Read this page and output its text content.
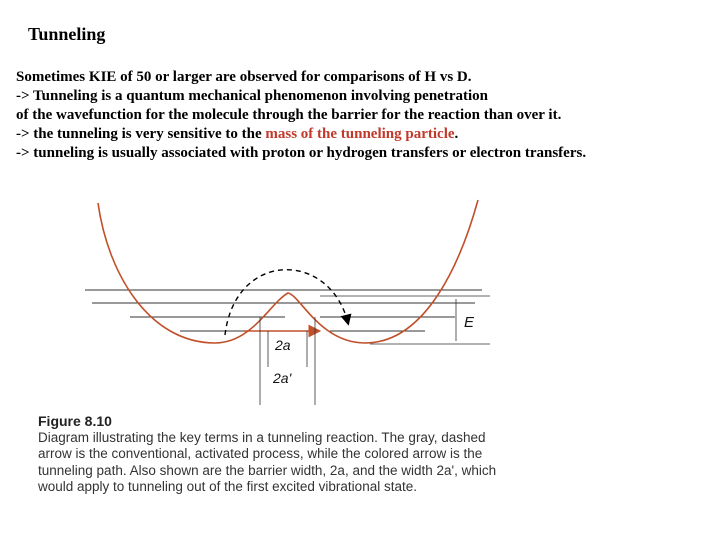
Tunneling
Sometimes KIE of 50 or larger are observed for comparisons of H vs D.
-> Tunneling is a quantum mechanical phenomenon involving penetration
of the wavefunction for the molecule through the barrier for the reaction than over it.
-> the tunneling is very sensitive to the mass of the tunneling particle.
-> tunneling is usually associated with proton or hydrogen transfers or electron transfers.
2a
2a'
E
Figure 8.10
Diagram illustrating the key terms in a tunneling reaction. The gray, dashed arrow is the conventional, activated process, while the colored arrow is the tunneling path. Also shown are the barrier width, 2a, and the width 2a', which would apply to tunneling out of the first excited vibrational state.
